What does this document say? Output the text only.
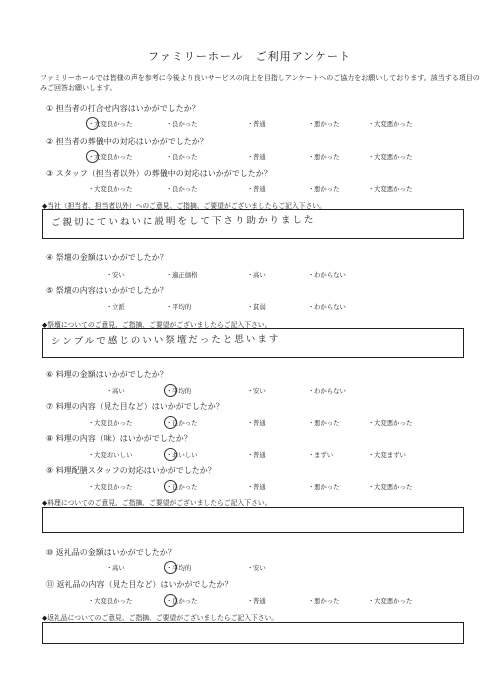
ファミリーホール　ご利用アンケート
ファミリーホールでは皆様の声を参考に今後より良いサービスの向上を目指しアンケートへのご協力をお願いしております。該当する項目のみご回答お願いします。
① 担当者の打合せ内容はいかがでしたか？
・大変良かった	・良かった	・普通	・悪かった	・大変悪かった
② 担当者の葬儀中の対応はいかがでしたか？
・大変良かった	・良かった	・普通	・悪かった	・大変悪かった
③ スタッフ（担当者以外）の葬儀中の対応はいかがでしたか？
・大変良かった	・良かった	・普通	・悪かった	・大変悪かった
◆当社（担当者、担当者以外）へのご意見、ご指摘、ご要望がございましたらご記入下さい。
ご親切にていねいに説明をして下さり助かりました
④ 祭壇の金額はいかがでしたか？
・安い	・適正価格	・高い	・わからない
⑤ 祭壇の内容はいかがでしたか？
・立派	・平均的	・貧弱	・わからない
◆祭壇についてのご意見、ご指摘、ご要望がございましたらご記入下さい。
シンプルで感じのいい祭壇だったと思います
⑥ 料理の金額はいかがでしたか？
・高い	・平均的	・安い	・わからない
⑦ 料理の内容（見た目など）はいかがでしたか？
・大変良かった	・良かった	・普通	・悪かった	・大変悪かった
⑧ 料理の内容（味）はいかがでしたか？
・大変おいしい	・おいしい	・普通	・まずい	・大変まずい
⑨ 料理配膳スタッフの対応はいかがでしたか？
・大変良かった	・良かった	・普通	・悪かった	・大変悪かった
◆料理についてのご意見、ご指摘、ご要望がございましたらご記入下さい。
⑩ 返礼品の金額はいかがでしたか？
・高い	・平均的	・安い
⑪ 返礼品の内容（見た目など）はいかがでしたか？
・大変良かった	・良かった	・普通	・悪かった	・大変悪かった
◆返礼品についてのご意見、ご指摘、ご要望がございましたらご記入下さい。
